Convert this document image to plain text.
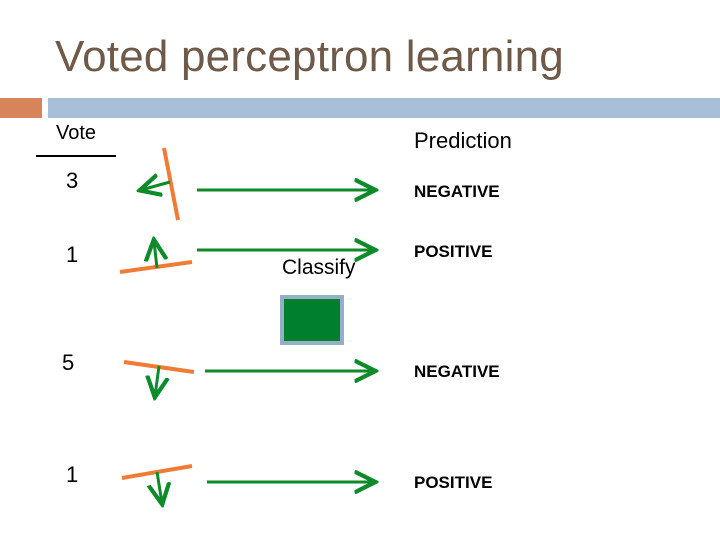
Voted perceptron learning
Vote	Prediction
3
1
5
1
NEGATIVE
POSITIVE
NEGATIVE
POSITIVE
Classify
